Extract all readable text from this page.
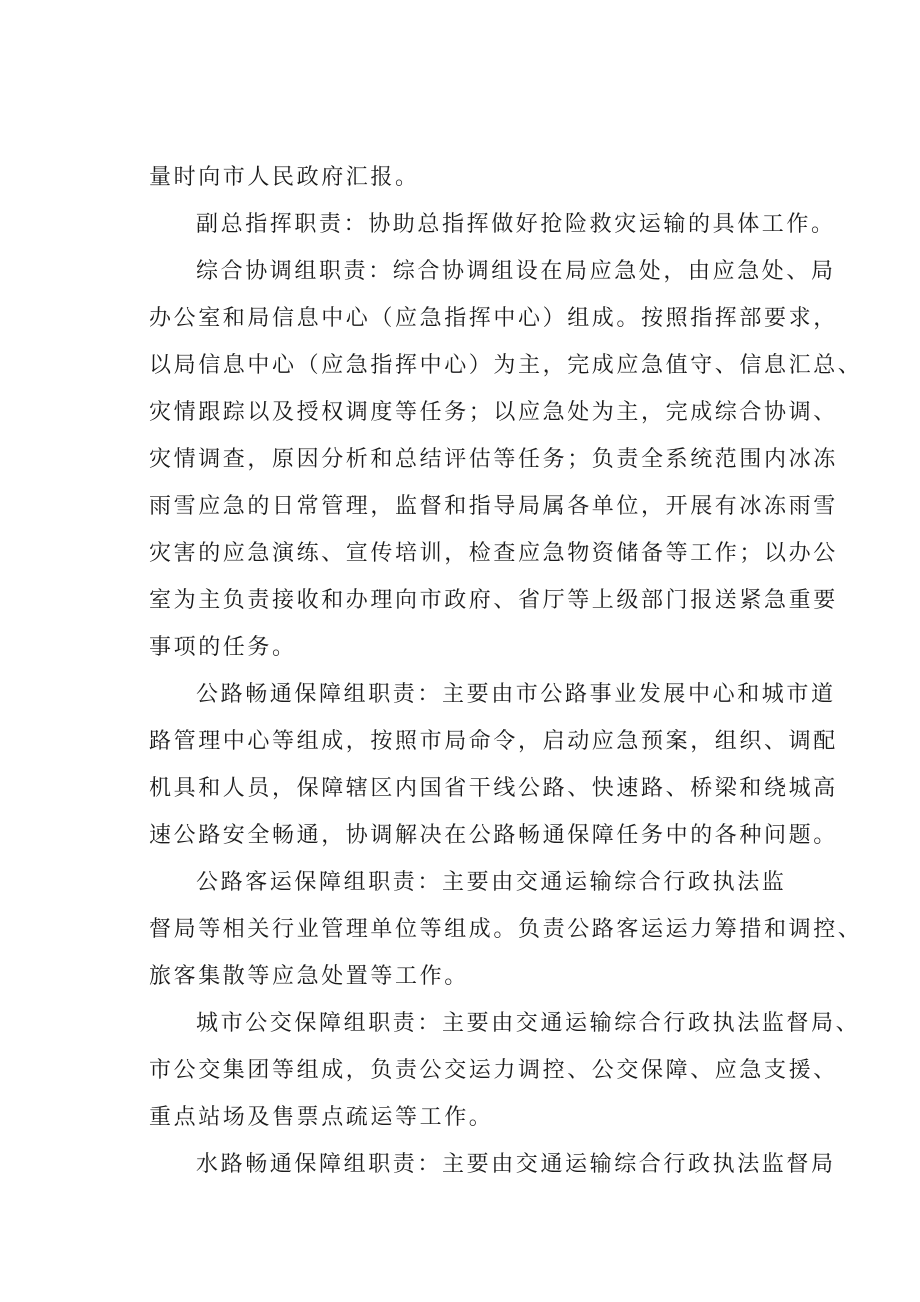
量时向市人民政府汇报。
副总指挥职责：协助总指挥做好抢险救灾运输的具体工作。
综合协调组职责：综合协调组设在局应急处，由应急处、局
办公室和局信息中心（应急指挥中心）组成。按照指挥部要求，
以局信息中心（应急指挥中心）为主，完成应急值守、信息汇总、
灾情跟踪以及授权调度等任务；以应急处为主，完成综合协调、
灾情调查，原因分析和总结评估等任务；负责全系统范围内冰冻
雨雪应急的日常管理，监督和指导局属各单位，开展有冰冻雨雪
灾害的应急演练、宣传培训，检查应急物资储备等工作；以办公
室为主负责接收和办理向市政府、省厅等上级部门报送紧急重要
事项的任务。
公路畅通保障组职责：主要由市公路事业发展中心和城市道
路管理中心等组成，按照市局命令，启动应急预案，组织、调配
机具和人员，保障辖区内国省干线公路、快速路、桥梁和绕城高
速公路安全畅通，协调解决在公路畅通保障任务中的各种问题。
公路客运保障组职责：主要由交通运输综合行政执法监
督局等相关行业管理单位等组成。负责公路客运运力筹措和调控、
旅客集散等应急处置等工作。
城市公交保障组职责：主要由交通运输综合行政执法监督局、
市公交集团等组成，负责公交运力调控、公交保障、应急支援、
重点站场及售票点疏运等工作。
水路畅通保障组职责：主要由交通运输综合行政执法监督局
